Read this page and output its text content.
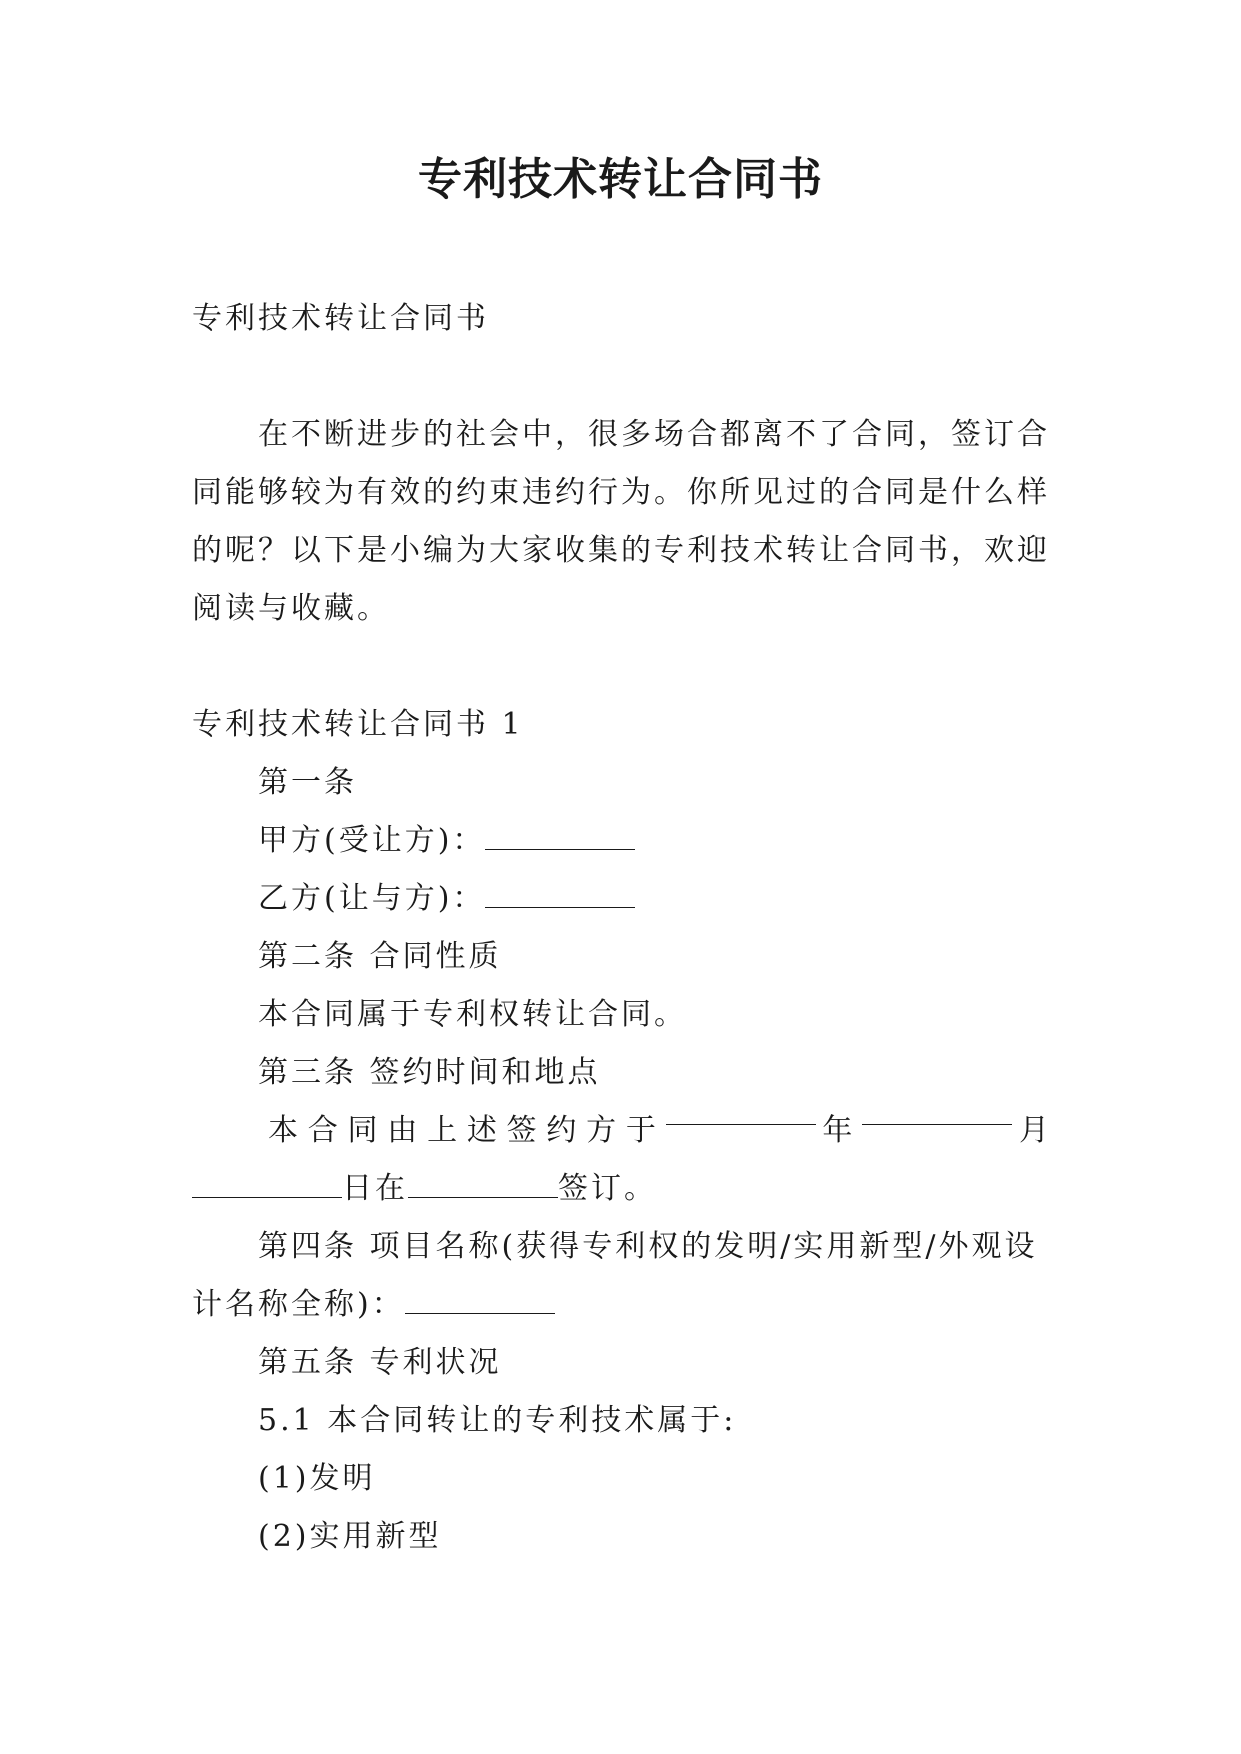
专利技术转让合同书

专利技术转让合同书

在不断进步的社会中，很多场合都离不了合同，签订合

同能够较为有效的约束违约行为。你所见过的合同是什么样

的呢？以下是小编为大家收集的专利技术转让合同书，欢迎

阅读与收藏。

专利技术转让合同书 1

第一条

甲方(受让方)：

乙方(让与方)：

第二条 合同性质

本合同属于专利权转让合同。

第三条 签约时间和地点

本 合 同 由 上 述 签 约 方 于	年	月

日在	签订。

第四条 项目名称(获得专利权的发明/实用新型/外观设

计名称全称)：

第五条 专利状况

5.1 本合同转让的专利技术属于:

(1)发明

(2)实用新型
